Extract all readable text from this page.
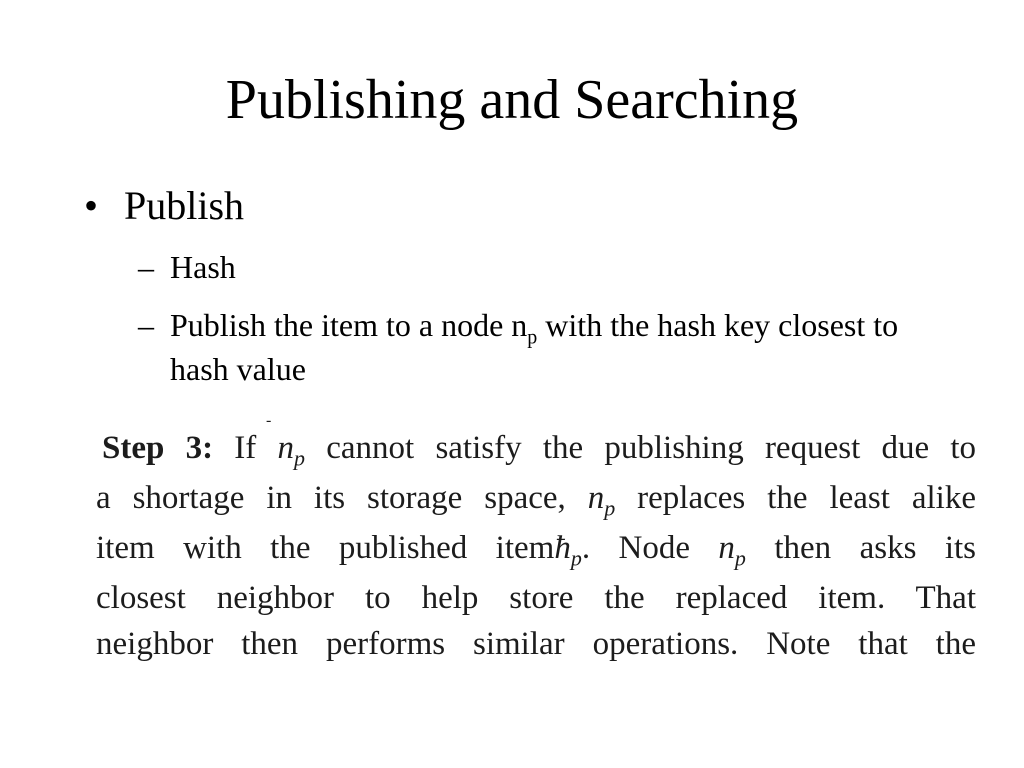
Publishing and Searching
• Publish
– Hash
– Publish the item to a node $n_p$ with the hash key closest to hash value
-
Step 3: If $n_p$ cannot satisfy the publishing request due to
a shortage in its storage space, $n_p$ replaces the least alike
item with the published itemħ$_p$. Node $n_p$ then asks its
closest neighbor to help store the replaced item. That
neighbor then performs similar operations. Note that the
